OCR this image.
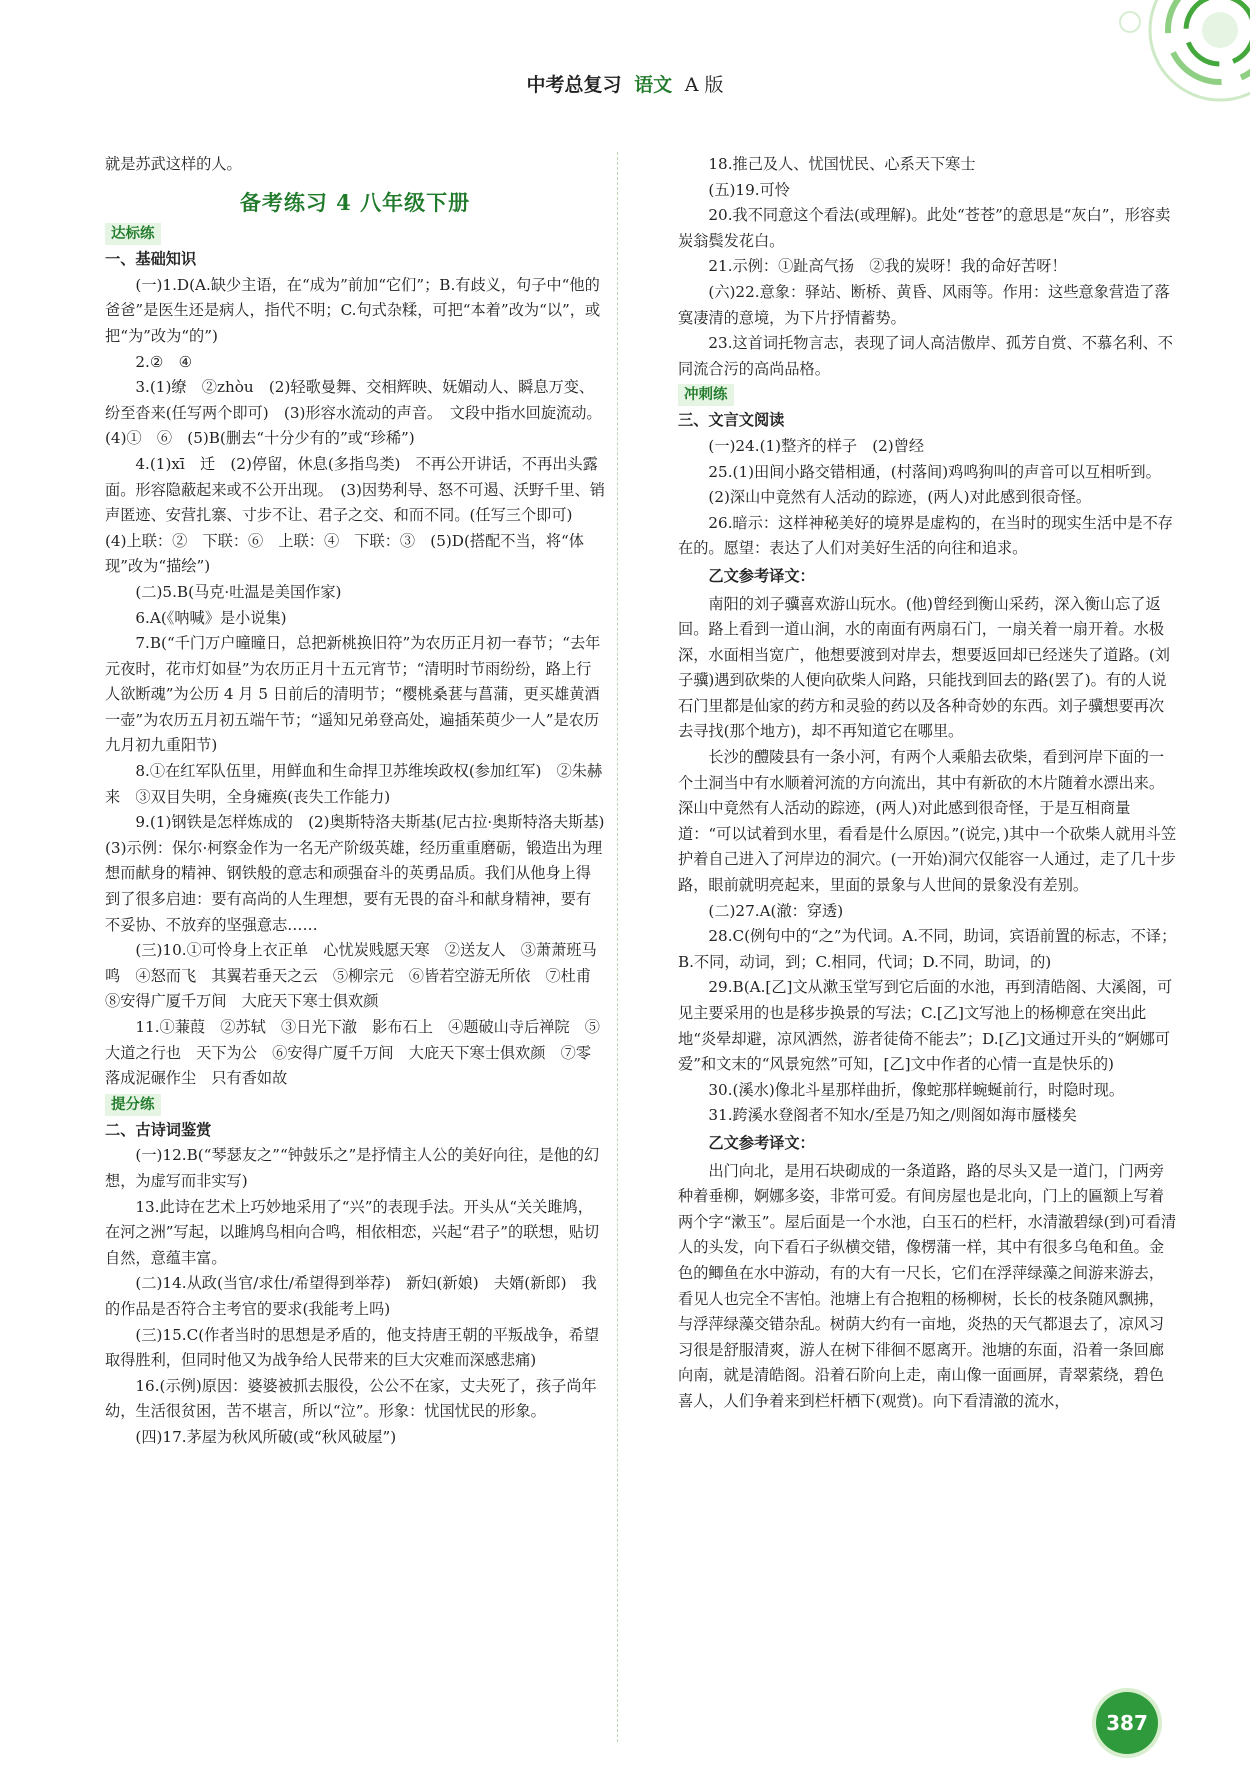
中考总复习 语文 A 版
就是苏武这样的人。
备考练习 4 八年级下册
达标练
一、基础知识
(一)1.D(A.缺少主语，在“成为”前加“它们”；B.有歧义，句子中“他的爸爸”是医生还是病人，指代不明；C.句式杂糅，可把“本着”改为“以”，或把“为”改为“的”)
2.②　④
3.(1)缭　②zhòu　(2)轻歌曼舞、交相辉映、妩媚动人、瞬息万变、纷至沓来(任写两个即可)　(3)形容水流动的声音。　文段中指水回旋流动。　(4)①　⑥　(5)B(删去“十分少有的”或“珍稀”)
4.(1)xī　迁　(2)停留，休息(多指鸟类)　不再公开讲话，不再出头露面。形容隐蔽起来或不公开出现。　(3)因势利导、怒不可遏、沃野千里、销声匿迹、安营扎寨、寸步不让、君子之交、和而不同。(任写三个即可)　(4)上联：②　下联：⑥　上联：④　下联：③　(5)D(搭配不当，将“体现”改为“描绘”)
(二)5.B(马克·吐温是美国作家)
6.A(《呐喊》是小说集)
7.B(“千门万户曈曈日，总把新桃换旧符”为农历正月初一春节；“去年元夜时，花市灯如昼”为农历正月十五元宵节；“清明时节雨纷纷，路上行人欲断魂”为公历 4 月 5 日前后的清明节；“樱桃桑葚与菖蒲，更买雄黄酒一壶”为农历五月初五端午节；“遥知兄弟登高处，遍插茱萸少一人”是农历九月初九重阳节)
8.①在红军队伍里，用鲜血和生命捍卫苏维埃政权(参加红军)　②朱赫来　③双目失明，全身瘫痪(丧失工作能力)
9.(1)钢铁是怎样炼成的　(2)奥斯特洛夫斯基(尼古拉·奥斯特洛夫斯基)　(3)示例：保尔·柯察金作为一名无产阶级英雄，经历重重磨砺，锻造出为理想而献身的精神、钢铁般的意志和顽强奋斗的英勇品质。我们从他身上得到了很多启迪：要有高尚的人生理想，要有无畏的奋斗和献身精神，要有不妥协、不放弃的坚强意志……
(三)10.①可怜身上衣正单　心忧炭贱愿天寒　②送友人　③萧萧班马鸣　④怒而飞　其翼若垂天之云　⑤柳宗元　⑥皆若空游无所依　⑦杜甫　⑧安得广厦千万间　大庇天下寒士俱欢颜
11.①蒹葭　②苏轼　③日光下澈　影布石上　④题破山寺后禅院　⑤大道之行也　天下为公　⑥安得广厦千万间　大庇天下寒士俱欢颜　⑦零落成泥碾作尘　只有香如故
提分练
二、古诗词鉴赏
(一)12.B(“琴瑟友之”“钟鼓乐之”是抒情主人公的美好向往，是他的幻想，为虚写而非实写)
13.此诗在艺术上巧妙地采用了“兴”的表现手法。开头从“关关雎鸠，在河之洲”写起，以雎鸠鸟相向合鸣，相依相恋，兴起“君子”的联想，贴切自然，意蕴丰富。
(二)14.从政(当官/求仕/希望得到举荐)　新妇(新娘)　夫婿(新郎)　我的作品是否符合主考官的要求(我能考上吗)
(三)15.C(作者当时的思想是矛盾的，他支持唐王朝的平叛战争，希望取得胜利，但同时他又为战争给人民带来的巨大灾难而深感悲痛)
16.(示例)原因：婆婆被抓去服役，公公不在家，丈夫死了，孩子尚年幼，生活很贫困，苦不堪言，所以“泣”。形象：忧国忧民的形象。
(四)17.茅屋为秋风所破(或“秋风破屋”)
18.推己及人、忧国忧民、心系天下寒士
(五)19.可怜
20.我不同意这个看法(或理解)。此处“苍苍”的意思是“灰白”，形容卖炭翁鬓发花白。
21.示例：①趾高气扬　②我的炭呀！我的命好苦呀！
(六)22.意象：驿站、断桥、黄昏、风雨等。作用：这些意象营造了落寞凄清的意境，为下片抒情蓄势。
23.这首词托物言志，表现了词人高洁傲岸、孤芳自赏、不慕名利、不同流合污的高尚品格。
冲刺练
三、文言文阅读
(一)24.(1)整齐的样子　(2)曾经
25.(1)田间小路交错相通，(村落间)鸡鸣狗叫的声音可以互相听到。
(2)深山中竟然有人活动的踪迹，(两人)对此感到很奇怪。
26.暗示：这样神秘美好的境界是虚构的，在当时的现实生活中是不存在的。愿望：表达了人们对美好生活的向往和追求。
乙文参考译文：
南阳的刘子骥喜欢游山玩水。(他)曾经到衡山采药，深入衡山忘了返回。路上看到一道山涧，水的南面有两扇石门，一扇关着一扇开着。水极深，水面相当宽广，他想要渡到对岸去，想要返回却已经迷失了道路。(刘子骥)遇到砍柴的人便向砍柴人问路，只能找到回去的路(罢了)。有的人说石门里都是仙家的药方和灵验的药以及各种奇妙的东西。刘子骥想要再次去寻找(那个地方)，却不再知道它在哪里。
长沙的醴陵县有一条小河，有两个人乘船去砍柴，看到河岸下面的一个土洞当中有水顺着河流的方向流出，其中有新砍的木片随着水漂出来。深山中竟然有人活动的踪迹，(两人)对此感到很奇怪，于是互相商量道：“可以试着到水里，看看是什么原因。”(说完，)其中一个砍柴人就用斗笠护着自己进入了河岸边的洞穴。(一开始)洞穴仅能容一人通过，走了几十步路，眼前就明亮起来，里面的景象与人世间的景象没有差别。
(二)27.A(澈：穿透)
28.C(例句中的“之”为代词。A.不同，助词，宾语前置的标志，不译；B.不同，动词，到；C.相同，代词；D.不同，助词，的)
29.B(A.[乙]文从漱玉堂写到它后面的水池，再到清皓阁、大溪阁，可见主要采用的也是移步换景的写法；C.[乙]文写池上的杨柳意在突出此地“炎晕却避，凉风洒然，游者徒倚不能去”；D.[乙]文通过开头的“婀娜可爱”和文末的“风景宛然”可知，[乙]文中作者的心情一直是快乐的)
30.(溪水)像北斗星那样曲折，像蛇那样蜿蜒前行，时隐时现。
31.跨溪水登阁者不知水/至是乃知之/则阁如海市蜃楼矣
乙文参考译文：
出门向北，是用石块砌成的一条道路，路的尽头又是一道门，门两旁种着垂柳，婀娜多姿，非常可爱。有间房屋也是北向，门上的匾额上写着两个字“漱玉”。屋后面是一个水池，白玉石的栏杆，水清澈碧绿(到)可看清人的头发，向下看石子纵横交错，像楞蒲一样，其中有很多乌龟和鱼。金色的鲫鱼在水中游动，有的大有一尺长，它们在浮萍绿藻之间游来游去，看见人也完全不害怕。池塘上有合抱粗的杨柳树，长长的枝条随风飘拂，与浮萍绿藻交错杂乱。树荫大约有一亩地，炎热的天气都退去了，凉风习习很是舒服清爽，游人在树下徘徊不愿离开。池塘的东面，沿着一条回廊向南，就是清皓阁。沿着石阶向上走，南山像一面画屏，青翠萦绕，碧色喜人，人们争着来到栏杆栖下(观赏)。向下看清澈的流水，
387
